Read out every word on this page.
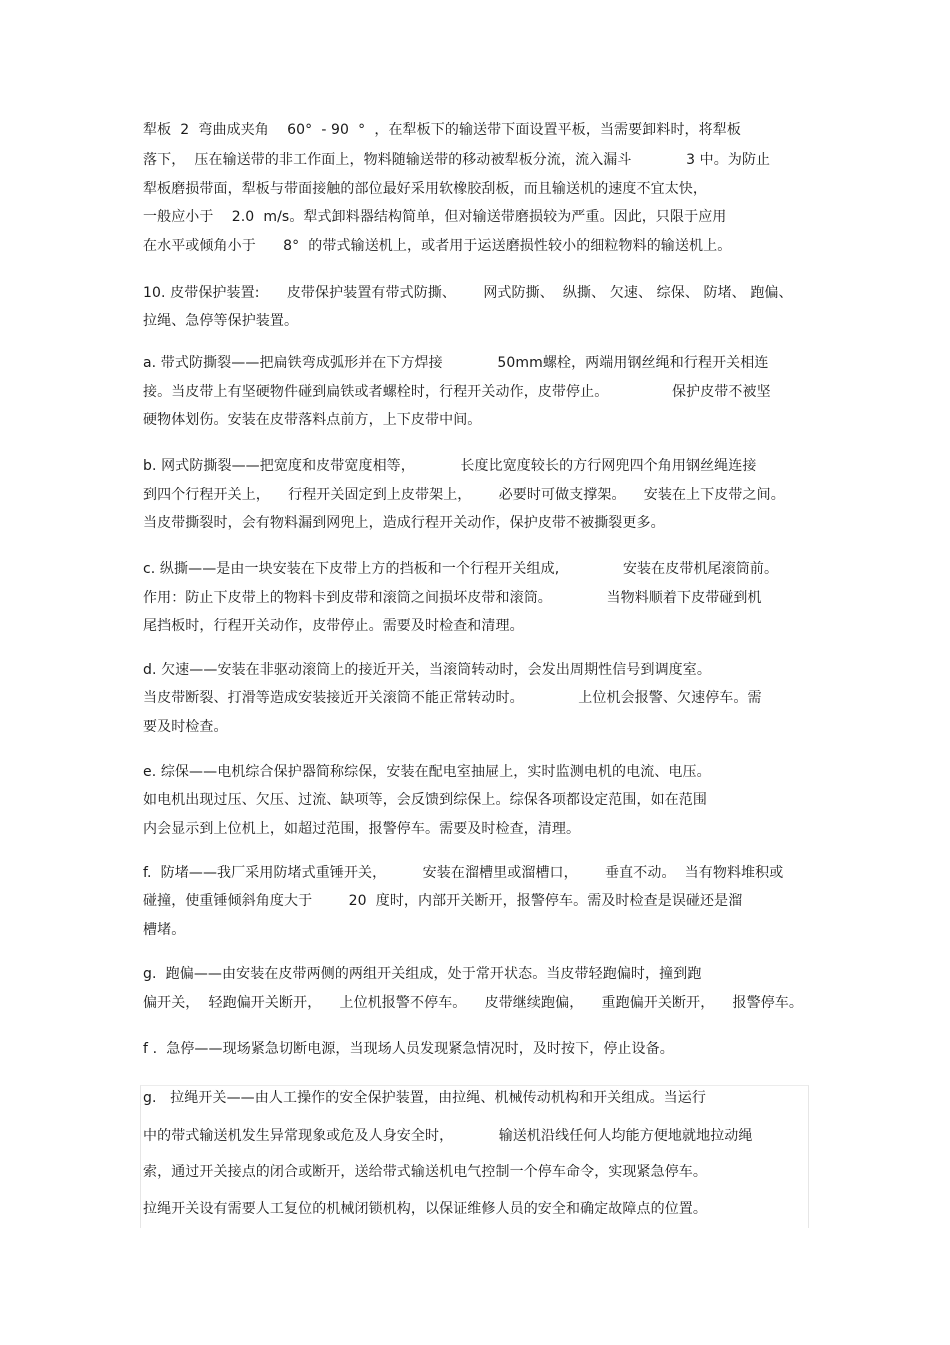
犁板  2  弯曲成夹角    60°  - 90  °  ，在犁板下的输送带下面设置平板，当需要卸料时，将犁板
落下，  压在输送带的非工作面上，物料随输送带的移动被犁板分流，流入漏斗            3 中。为防止
犁板磨损带面，犁板与带面接触的部位最好采用软橡胶刮板，而且输送机的速度不宜太快，
一般应小于    2.0  m/s。犁式卸料器结构简单，但对输送带磨损较为严重。因此，只限于应用
在水平或倾角小于      8°  的带式输送机上，或者用于运送磨损性较小的细粒物料的输送机上。
10. 皮带保护装置:      皮带保护装置有带式防撕、      网式防撕、  纵撕、 欠速、 综保、 防堵、 跑偏、
拉绳、急停等保护装置。
a. 带式防撕裂——把扁铁弯成弧形并在下方焊接            50mm螺栓，两端用钢丝绳和行程开关相连
接。当皮带上有坚硬物件碰到扁铁或者螺栓时，行程开关动作，皮带停止。              保护皮带不被坚
硬物体划伤。安装在皮带落料点前方，上下皮带中间。
b. 网式防撕裂——把宽度和皮带宽度相等，          长度比宽度较长的方行网兜四个角用钢丝绳连接
到四个行程开关上，    行程开关固定到上皮带架上，      必要时可做支撑架。    安装在上下皮带之间。
当皮带撕裂时，会有物料漏到网兜上，造成行程开关动作，保护皮带不被撕裂更多。
c. 纵撕——是由一块安装在下皮带上方的挡板和一个行程开关组成,              安装在皮带机尾滚筒前。
作用：防止下皮带上的物料卡到皮带和滚筒之间损坏皮带和滚筒。            当物料顺着下皮带碰到机
尾挡板时，行程开关动作，皮带停止。需要及时检查和清理。
d. 欠速——安装在非驱动滚筒上的接近开关，当滚筒转动时，会发出周期性信号到调度室。
当皮带断裂、打滑等造成安装接近开关滚筒不能正常转动时。            上位机会报警、欠速停车。需
要及时检查。
e. 综保——电机综合保护器简称综保，安装在配电室抽屉上，实时监测电机的电流、电压。
如电机出现过压、欠压、过流、缺项等，会反馈到综保上。综保各项都设定范围，如在范围
内会显示到上位机上，如超过范围，报警停车。需要及时检查，清理。
f.  防堵——我厂采用防堵式重锤开关，        安装在溜槽里或溜槽口，      垂直不动。  当有物料堆积或
碰撞，使重锤倾斜角度大于        20  度时，内部开关断开，报警停车。需及时检查是误碰还是溜
槽堵。
g.  跑偏——由安装在皮带两侧的两组开关组成，处于常开状态。当皮带轻跑偏时，撞到跑
偏开关，  轻跑偏开关断开，    上位机报警不停车。    皮带继续跑偏，    重跑偏开关断开，    报警停车。
f .  急停——现场紧急切断电源，当现场人员发现紧急情况时，及时按下，停止设备。
g.   拉绳开关——由人工操作的安全保护装置，由拉绳、机械传动机构和开关组成。当运行
中的带式输送机发生异常现象或危及人身安全时，          输送机沿线任何人均能方便地就地拉动绳
索，通过开关接点的闭合或断开，送给带式输送机电气控制一个停车命令，实现紧急停车。
拉绳开关设有需要人工复位的机械闭锁机构，以保证维修人员的安全和确定故障点的位置。
